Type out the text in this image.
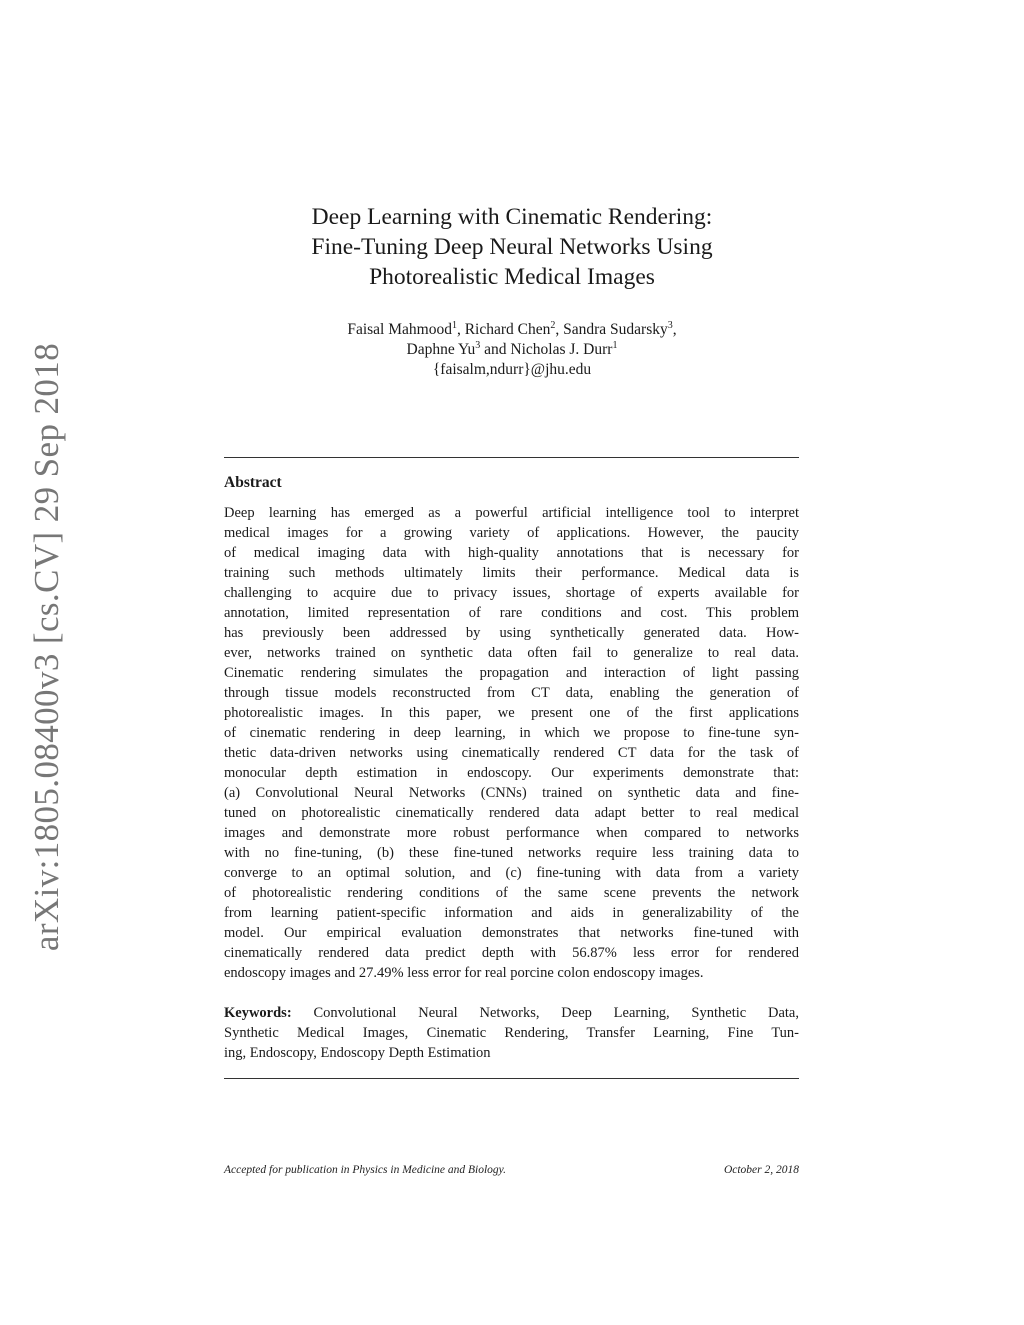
arXiv:1805.08400v3 [cs.CV] 29 Sep 2018
Deep Learning with Cinematic Rendering:
Fine-Tuning Deep Neural Networks Using
Photorealistic Medical Images
Faisal Mahmood$^1$, Richard Chen$^2$, Sandra Sudarsky$^3$,
Daphne Yu$^3$ and Nicholas J. Durr$^1$
{faisalm,ndurr}@jhu.edu
Abstract
Deep learning has emerged as a powerful artificial intelligence tool to interpret
medical images for a growing variety of applications. However, the paucity
of medical imaging data with high-quality annotations that is necessary for
training such methods ultimately limits their performance. Medical data is
challenging to acquire due to privacy issues, shortage of experts available for
annotation, limited representation of rare conditions and cost. This problem
has previously been addressed by using synthetically generated data. How-
ever, networks trained on synthetic data often fail to generalize to real data.
Cinematic rendering simulates the propagation and interaction of light passing
through tissue models reconstructed from CT data, enabling the generation of
photorealistic images. In this paper, we present one of the first applications
of cinematic rendering in deep learning, in which we propose to fine-tune syn-
thetic data-driven networks using cinematically rendered CT data for the task of
monocular depth estimation in endoscopy. Our experiments demonstrate that:
(a) Convolutional Neural Networks (CNNs) trained on synthetic data and fine-
tuned on photorealistic cinematically rendered data adapt better to real medical
images and demonstrate more robust performance when compared to networks
with no fine-tuning, (b) these fine-tuned networks require less training data to
converge to an optimal solution, and (c) fine-tuning with data from a variety
of photorealistic rendering conditions of the same scene prevents the network
from learning patient-specific information and aids in generalizability of the
model. Our empirical evaluation demonstrates that networks fine-tuned with
cinematically rendered data predict depth with 56.87% less error for rendered
endoscopy images and 27.49% less error for real porcine colon endoscopy images.
Keywords: Convolutional Neural Networks, Deep Learning, Synthetic Data,
Synthetic Medical Images, Cinematic Rendering, Transfer Learning, Fine Tun-
ing, Endoscopy, Endoscopy Depth Estimation
Accepted for publication in Physics in Medicine and Biology.	October 2, 2018
